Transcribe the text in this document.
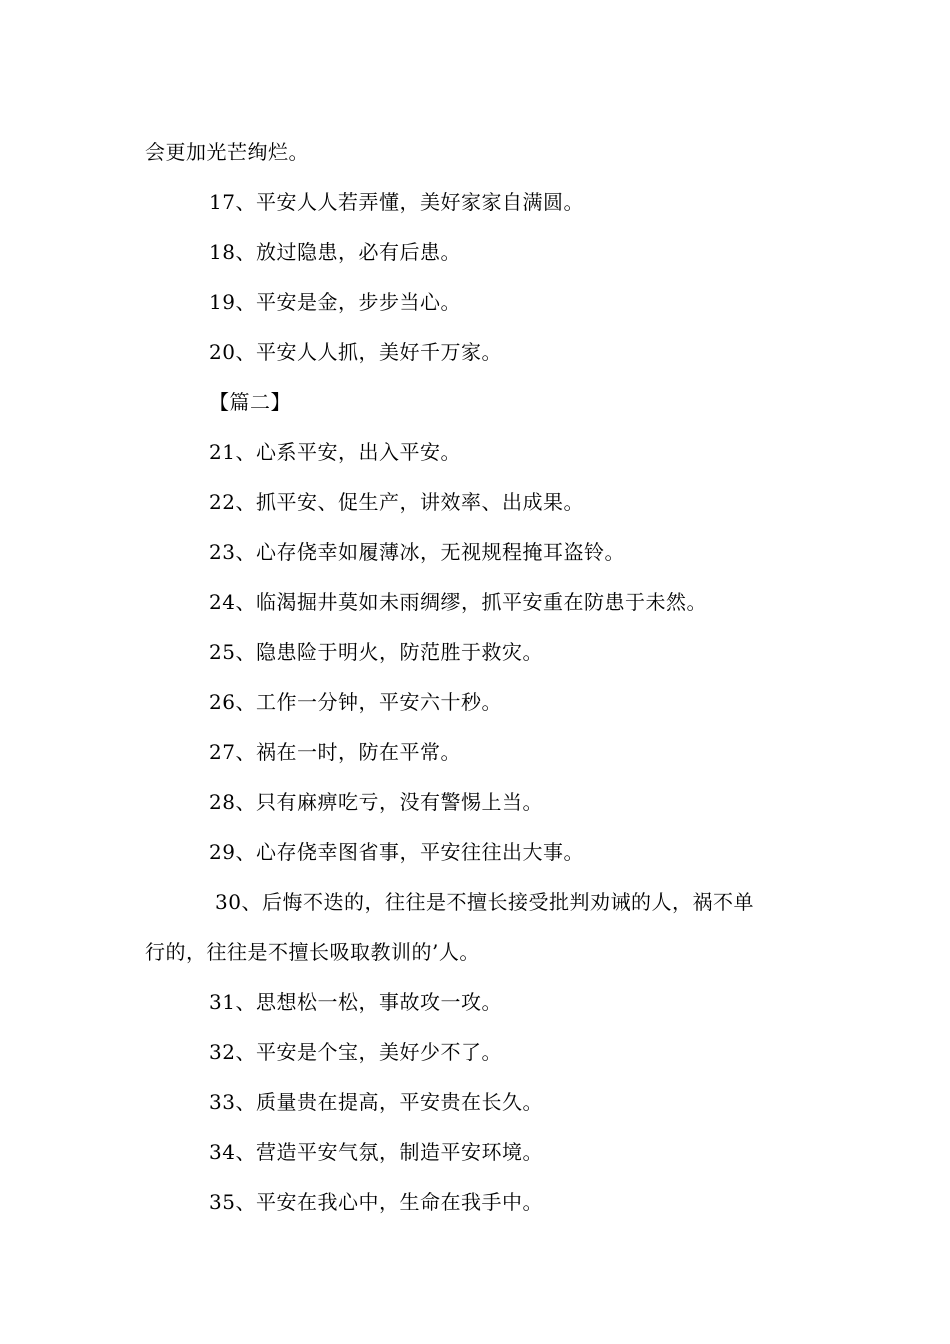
会更加光芒绚烂。
17、平安人人若弄懂，美好家家自满圆。
18、放过隐患，必有后患。
19、平安是金，步步当心。
20、平安人人抓，美好千万家。
【篇二】
21、心系平安，出入平安。
22、抓平安、促生产，讲效率、出成果。
23、心存侥幸如履薄冰，无视规程掩耳盗铃。
24、临渴掘井莫如未雨绸缪，抓平安重在防患于未然。
25、隐患险于明火，防范胜于救灾。
26、工作一分钟，平安六十秒。
27、祸在一时，防在平常。
28、只有麻痹吃亏，没有警惕上当。
29、心存侥幸图省事，平安往往出大事。
30、后悔不迭的，往往是不擅长接受批判劝诫的人，祸不单
行的，往往是不擅长吸取教训的’人。
31、思想松一松，事故攻一攻。
32、平安是个宝，美好少不了。
33、质量贵在提高，平安贵在长久。
34、营造平安气氛，制造平安环境。
35、平安在我心中，生命在我手中。
